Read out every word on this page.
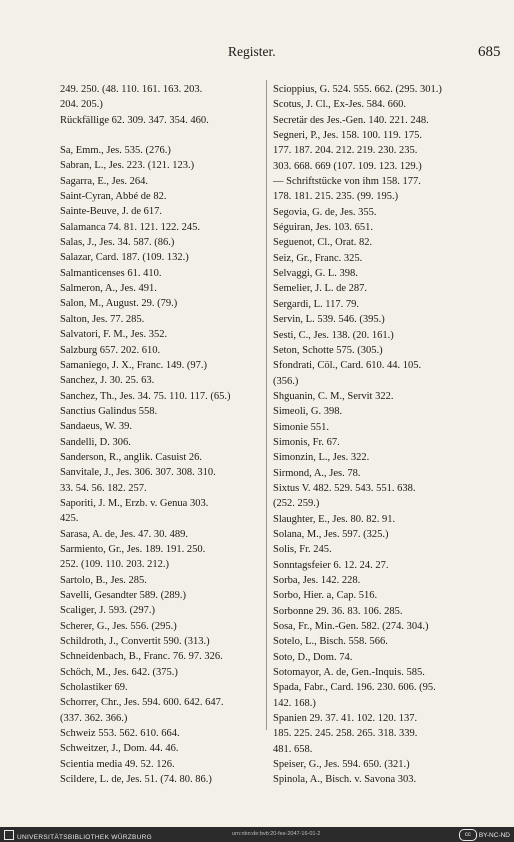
Register.	685
249. 250. (48. 110. 161. 163. 203.
204. 205.)
Rückfällige 62. 309. 347. 354. 460.
Sa, Emm., Jes. 535. (276.)
Sabran, L., Jes. 223. (121. 123.)
Sagarra, E., Jes. 264.
Saint-Cyran, Abbé de 82.
Sainte-Beuve, J. de 617.
Salamanca 74. 81. 121. 122. 245.
Salas, J., Jes. 34. 587. (86.)
Salazar, Card. 187. (109. 132.)
Salmanticenses 61. 410.
Salmeron, A., Jes. 491.
Salon, M., August. 29. (79.)
Salton, Jes. 77. 285.
Salvatori, F. M., Jes. 352.
Salzburg 657. 202. 610.
Samaniego, J. X., Franc. 149. (97.)
Sanchez, J. 30. 25. 63.
Sanchez, Th., Jes. 34. 75. 110. 117. (65.)
Sanctius Galindus 558.
Sandaeus, W. 39.
Sandelli, D. 306.
Sanderson, R., anglik. Casuist 26.
Sanvitale, J., Jes. 306. 307. 308. 310.
33. 54. 56. 182. 257.
Saporiti, J. M., Erzb. v. Genua 303.
425.
Sarasa, A. de, Jes. 47. 30. 489.
Sarmiento, Gr., Jes. 189. 191. 250.
252. (109. 110. 203. 212.)
Sartolo, B., Jes. 285.
Savelli, Gesandter 589. (289.)
Scaliger, J. 593. (297.)
Scherer, G., Jes. 556. (295.)
Schildroth, J., Convertit 590. (313.)
Schneidenbach, B., Franc. 76. 97. 326.
Schöch, M., Jes. 642. (375.)
Scholastiker 69.
Schorrer, Chr., Jes. 594. 600. 642. 647.
(337. 362. 366.)
Schweiz 553. 562. 610. 664.
Schweitzer, J., Dom. 44. 46.
Scientia media 49. 52. 126.
Scildere, L. de, Jes. 51. (74. 80. 86.)
Scioppius, G. 524. 555. 662. (295. 301.)
Scotus, J. Cl., Ex-Jes. 584. 660.
Secretär des Jes.-Gen. 140. 221. 248.
Segneri, P., Jes. 158. 100. 119. 175.
177. 187. 204. 212. 219. 230. 235.
303. 668. 669 (107. 109. 123. 129.)
— Schriftstücke von ihm 158. 177.
178. 181. 215. 235. (99. 195.)
Segovia, G. de, Jes. 355.
Séguiran, Jes. 103. 651.
Seguenot, Cl., Orat. 82.
Seiz, Gr., Franc. 325.
Selvaggi, G. L. 398.
Semelier, J. L. de 287.
Sergardi, L. 117. 79.
Servin, L. 539. 546. (395.)
Sesti, C., Jes. 138. (20. 161.)
Seton, Schotte 575. (305.)
Sfondrati, Cöl., Card. 610. 44. 105.
(356.)
Shguanin, C. M., Servit 322.
Simeoli, G. 398.
Simonie 551.
Simonis, Fr. 67.
Simonzin, L., Jes. 322.
Sirmond, A., Jes. 78.
Sixtus V. 482. 529. 543. 551. 638.
(252. 259.)
Slaughter, E., Jes. 80. 82. 91.
Solana, M., Jes. 597. (325.)
Solis, Fr. 245.
Sonntagsfeier 6. 12. 24. 27.
Sorba, Jes. 142. 228.
Sorbo, Hier. a, Cap. 516.
Sorbonne 29. 36. 83. 106. 285.
Sosa, Fr., Min.-Gen. 582. (274. 304.)
Sotelo, L., Bisch. 558. 566.
Soto, D., Dom. 74.
Sotomayor, A. de, Gen.-Inquis. 585.
Spada, Fabr., Card. 196. 230. 606. (95.
142. 168.)
Spanien 29. 37. 41. 102. 120. 137.
185. 225. 245. 258. 265. 318. 339.
481. 658.
Speiser, G., Jes. 594. 650. (321.)
Spinola, A., Bisch. v. Savona 303.
UNIVERSITÄTSBIBLIOTHEK WÜRZBURG	urn:nbn:de:bvb:20-fes-2047-16-01-2	cc	BY-NC-ND
